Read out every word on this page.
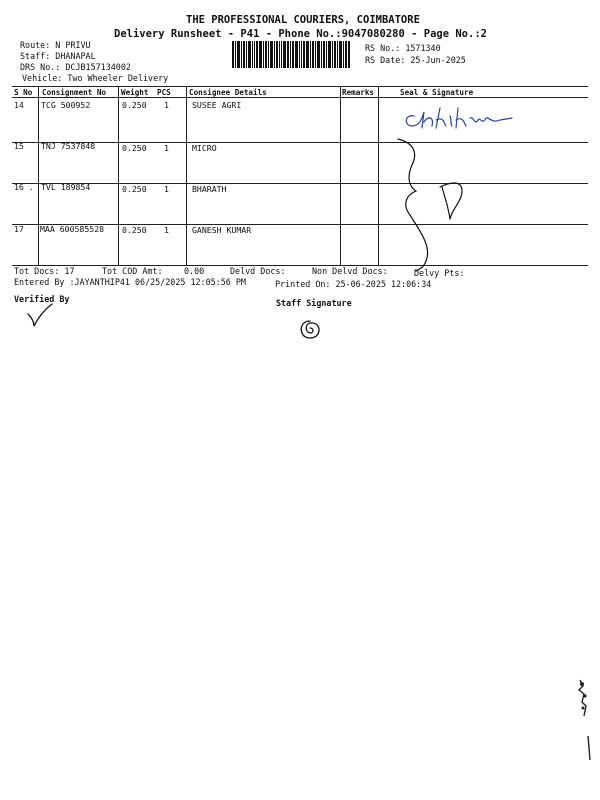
THE PROFESSIONAL COURIERS, COIMBATORE
Delivery Runsheet - P41 - Phone No.:9047080280 - Page No.:2
Route: N PRIVU
Staff: DHANAPAL
DRS No.: DCJB157134002
Vehicle: Two Wheeler Delivery
RS No.: 1571340
RS Date: 25-Jun-2025
S No Consignment No Weight PCS Consignee Details	Remarks	Seal & Signature
14 TCG 500952	0.250 1	SUSEE AGRI
15 TNJ 7537848	0.250 1	MICRO
16 . TVL 189854	0.250 1	BHARATH
17 MAA 600585528 0.250 1	GANESH KUMAR
Tot Docs: 17	Tot COD Amt:	0.00	Delvd Docs:	Non Delvd Docs:	Delvy Pts:
Entered By :JAYANTHIP41 06/25/2025 12:05:56 PM	Printed On: 25-06-2025 12:06:34
Verified By	Staff Signature
